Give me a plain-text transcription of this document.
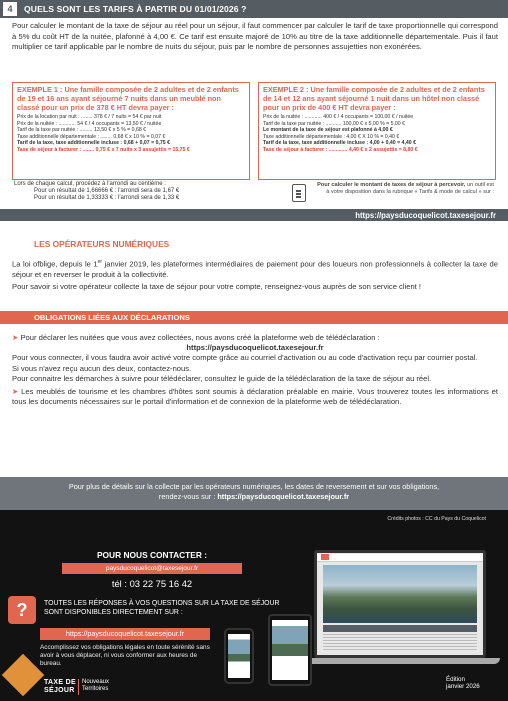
4	QUELS SONT LES TARIFS À PARTIR DU 01/01/2026 ?

Pour calculer le montant de la taxe de séjour au réel pour un séjour, il faut commencer par calculer le tarif de taxe proportionnelle qui correspond à 5% du coût HT de la nuitée, plafonné à 4,00 €. Ce tarif est ensuite majoré de 10% au titre de la taxe additionnelle départementale. Puis il faut multiplier ce tarif applicable par le nombre de nuits du séjour, puis par le nombre de personnes assujetties non exonérées.

EXEMPLE 1 : Une famille composée de 2 adultes et de 2 enfants de 19 et 16 ans ayant séjourné 7 nuits dans un meublé non classé pour un prix de 378 € HT devra payer :
Prix de la location par nuit : ........ 378 € / 7 nuits = 54 € par nuit
Prix de la nuitée : ............ 54 € / 4 occupants = 13,50 € / nuitée
Tarif de la taxe par nuitée : ......... 13,50 € x 5 % = 0,68 €
Taxe additionnelle départementale : ........ 0,68 € x 10 % = 0,07 €
Tarif de la taxe, taxe additionnelle incluse : 0,68 + 0,07 = 0,75 €
Taxe de séjour à facturer : ........ 0,75 € x 7 nuits x 3 assujettis = 15,75 €
EXEMPLE 2 : Une famille composée de 2 adultes et de 2 enfants de 14 et 12 ans ayant séjourné 1 nuit dans un hôtel non classé pour un prix de 400 € HT devra payer :
Prix de la nuitée : ............ 400 € / 4 occupants = 100,00 € / nuitée
Tarif de la taxe par nuitée : ........... 100,00 € x 5,00 % = 5,00 €
Le montant de la taxe de séjour est plafonné à 4,00 €
Taxe additionnelle départementale : 4,00 € X 10 % = 0,40 €
Tarif de la taxe, taxe additionnelle incluse : 4,00 + 0,40 = 4,40 €
Taxe de séjour à facturer : ............. 4,40 € x 2 assujettis = 8,80 €
Lors de chaque calcul, procédez à l'arrondi au centième :
Pour un résultat de 1,66666 € : l'arrondi sera de 1,67 €
Pour un résultat de 1,33333 € : l'arrondi sera de 1,33 €
Pour calculer le montant de taxes de séjour à percevoir, un outil est à votre disposition dans la rubrique « Tarifs & mode de calcul » sur :
https://paysducoquelicot.taxesejour.fr
LES OPÉRATEURS NUMÉRIQUES

La loi ofblige, depuis le 1er janvier 2019, les plateformes intermédiaires de paiement pour des loueurs non professionnels à collecter la taxe de séjour et en reverser le produit à la collectivité.

Pour savoir si votre opérateur collecte la taxe de séjour pour votre compte, renseignez-vous auprès de son service client !

OBLIGATIONS LIÉES AUX DÉCLARATIONS

➤ Pour déclarer les nuitées que vous avez collectées, nous avons créé la plateforme web de télédéclaration :

https://paysducoquelicot.taxesejour.fr

Pour vous connecter, il vous faudra avoir activé votre compte grâce au courriel d'activation ou au code d'activation reçu par courrier postal.

Si vous n'avez reçu aucun des deux, contactez-nous.

Pour connaitre les démarches à suivre pour télédéclarer, consultez le guide de la télédéclaration de la taxe de séjour au réel.

➤ Les meublés de tourisme et les chambres d'hôtes sont soumis à déclaration préalable en mairie. Vous trouverez toutes les informations et tous les documents nécessaires sur le portail d'information et de connexion de la plateforme web de télédéclaration.

Pour plus de détails sur la collecte par les opérateurs numériques, les dates de reversement et sur vos obligations,
rendez-vous sur : https://paysducoquelicot.taxesejour.fr
Crédits photos : CC du Pays du Coquelicot
POUR NOUS CONTACTER :
paysducoquelicot@taxesejour.fr
tél : 03 22 75 16 42
?	TOUTES LES RÉPONSES À VOS QUESTIONS SUR LA TAXE DE SÉJOUR SONT DISPONIBLES DIRECTEMENT SUR :
https://paysducoquelicot.taxesejour.fr
Accomplissez vos obligations légales en toute sérénité sans avoir à vous déplacer, ni vous conformer aux heures de bureau.
TAXE DE
SÉJOUR
Nouveaux
Territoires
Édition
janvier 2026
